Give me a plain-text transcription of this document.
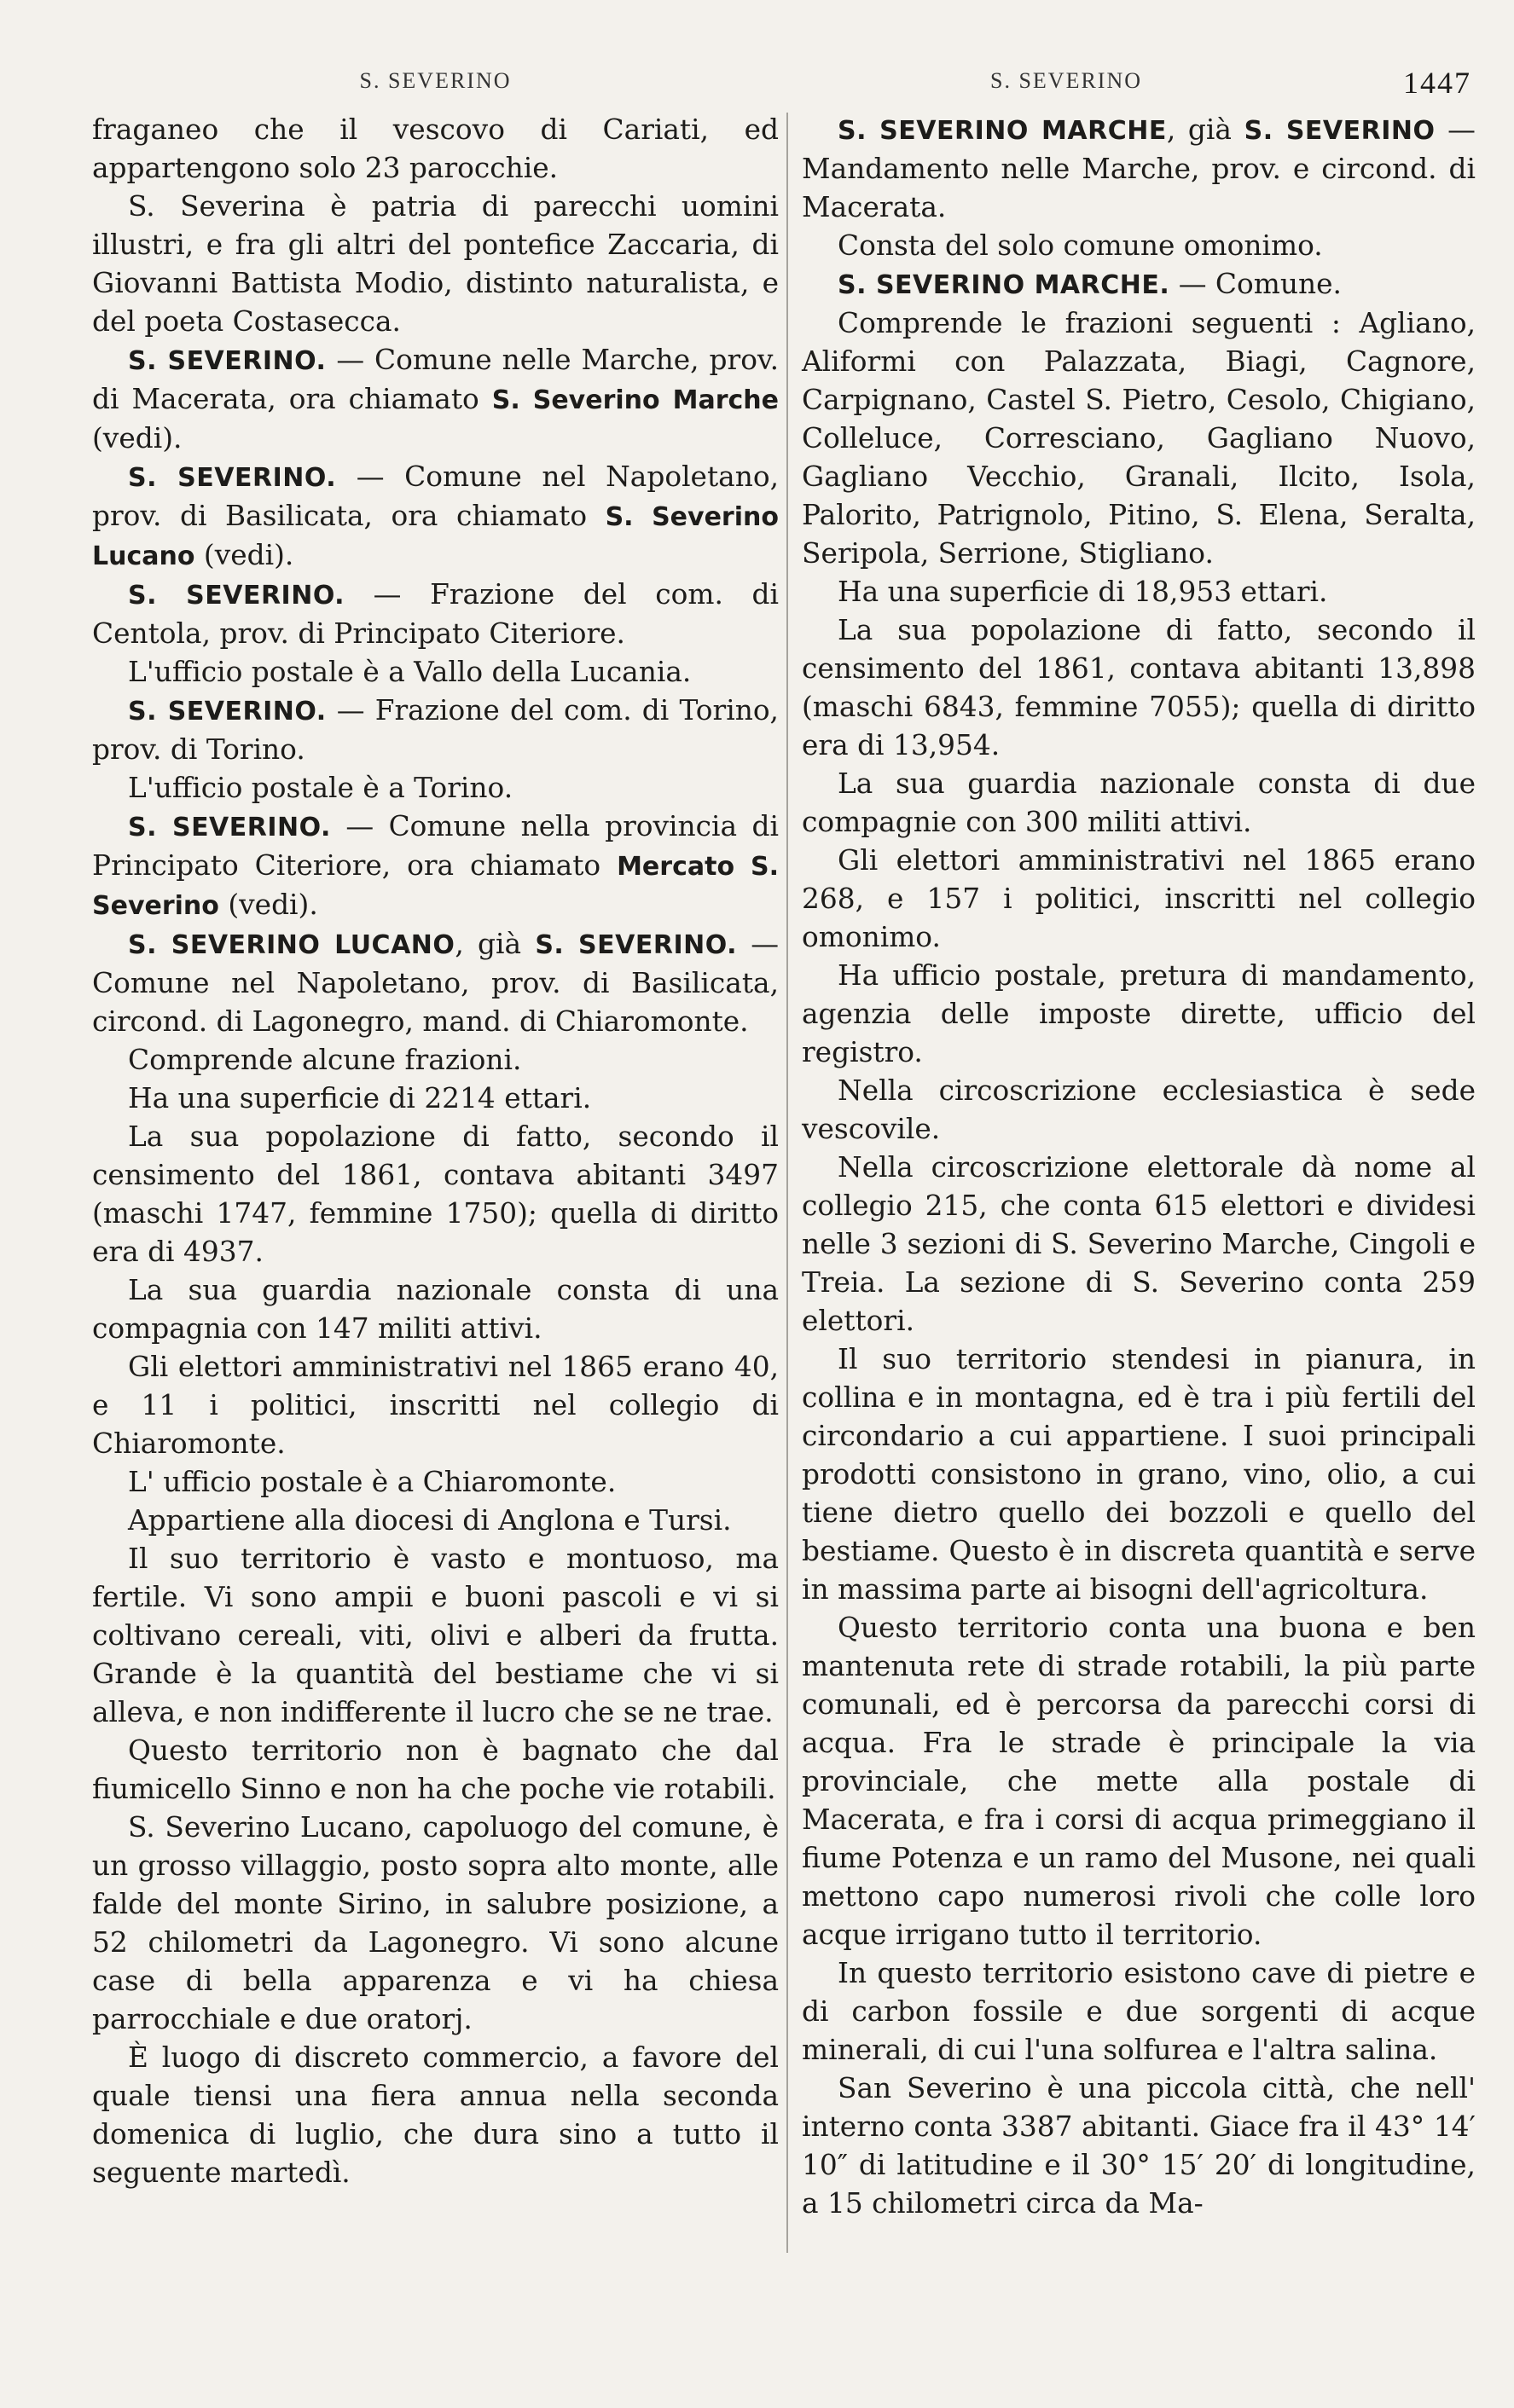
S. SEVERINO	S. SEVERINO	1447

fraganeo che il vescovo di Cariati, ed appartengono solo 23 parocchie.

S. Severina è patria di parecchi uomini illustri, e fra gli altri del pontefice Zaccaria, di Giovanni Battista Modio, distinto naturalista, e del poeta Costasecca.

S. SEVERINO. — Comune nelle Marche, prov. di Macerata, ora chiamato S. Severino Marche (vedi).

S. SEVERINO. — Comune nel Napoletano, prov. di Basilicata, ora chiamato S. Severino Lucano (vedi).

S. SEVERINO. — Frazione del com. di Centola, prov. di Principato Citeriore.

L'ufficio postale è a Vallo della Lucania.

S. SEVERINO. — Frazione del com. di Torino, prov. di Torino.

L'ufficio postale è a Torino.

S. SEVERINO. — Comune nella provincia di Principato Citeriore, ora chiamato Mercato S. Severino (vedi).

S. SEVERINO LUCANO, già S. SEVERINO. — Comune nel Napoletano, prov. di Basilicata, circond. di Lagonegro, mand. di Chiaromonte.

Comprende alcune frazioni.

Ha una superficie di 2214 ettari.

La sua popolazione di fatto, secondo il censimento del 1861, contava abitanti 3497 (maschi 1747, femmine 1750); quella di diritto era di 4937.

La sua guardia nazionale consta di una compagnia con 147 militi attivi.

Gli elettori amministrativi nel 1865 erano 40, e 11 i politici, inscritti nel collegio di Chiaromonte.

L' ufficio postale è a Chiaromonte.

Appartiene alla diocesi di Anglona e Tursi.

Il suo territorio è vasto e montuoso, ma fertile. Vi sono ampii e buoni pascoli e vi si coltivano cereali, viti, olivi e alberi da frutta. Grande è la quantità del bestiame che vi si alleva, e non indifferente il lucro che se ne trae.

Questo territorio non è bagnato che dal fiumicello Sinno e non ha che poche vie rotabili.

S. Severino Lucano, capoluogo del comune, è un grosso villaggio, posto sopra alto monte, alle falde del monte Sirino, in salubre posizione, a 52 chilometri da Lagonegro. Vi sono alcune case di bella apparenza e vi ha chiesa parrocchiale e due oratorj.

È luogo di discreto commercio, a favore del quale tiensi una fiera annua nella seconda domenica di luglio, che dura sino a tutto il seguente martedì.

S. SEVERINO MARCHE, già S. SEVERINO — Mandamento nelle Marche, prov. e circond. di Macerata.

Consta del solo comune omonimo.

S. SEVERINO MARCHE. — Comune.

Comprende le frazioni seguenti : Agliano, Aliformi con Palazzata, Biagi, Cagnore, Carpignano, Castel S. Pietro, Cesolo, Chigiano, Colleluce, Corresciano, Gagliano Nuovo, Gagliano Vecchio, Granali, Ilcito, Isola, Palorito, Patrignolo, Pitino, S. Elena, Seralta, Seripola, Serrione, Stigliano.

Ha una superficie di 18,953 ettari.

La sua popolazione di fatto, secondo il censimento del 1861, contava abitanti 13,898 (maschi 6843, femmine 7055); quella di diritto era di 13,954.

La sua guardia nazionale consta di due compagnie con 300 militi attivi.

Gli elettori amministrativi nel 1865 erano 268, e 157 i politici, inscritti nel collegio omonimo.

Ha ufficio postale, pretura di mandamento, agenzia delle imposte dirette, ufficio del registro.

Nella circoscrizione ecclesiastica è sede vescovile.

Nella circoscrizione elettorale dà nome al collegio 215, che conta 615 elettori e dividesi nelle 3 sezioni di S. Severino Marche, Cingoli e Treia. La sezione di S. Severino conta 259 elettori.

Il suo territorio stendesi in pianura, in collina e in montagna, ed è tra i più fertili del circondario a cui appartiene. I suoi principali prodotti consistono in grano, vino, olio, a cui tiene dietro quello dei bozzoli e quello del bestiame. Questo è in discreta quantità e serve in massima parte ai bisogni dell'agricoltura.

Questo territorio conta una buona e ben mantenuta rete di strade rotabili, la più parte comunali, ed è percorsa da parecchi corsi di acqua. Fra le strade è principale la via provinciale, che mette alla postale di Macerata, e fra i corsi di acqua primeggiano il fiume Potenza e un ramo del Musone, nei quali mettono capo numerosi rivoli che colle loro acque irrigano tutto il territorio.

In questo territorio esistono cave di pietre e di carbon fossile e due sorgenti di acque minerali, di cui l'una solfurea e l'altra salina.

San Severino è una piccola città, che nell' interno conta 3387 abitanti. Giace fra il 43° 14′ 10″ di latitudine e il 30° 15′ 20′ di longitudine, a 15 chilometri circa da Ma-
